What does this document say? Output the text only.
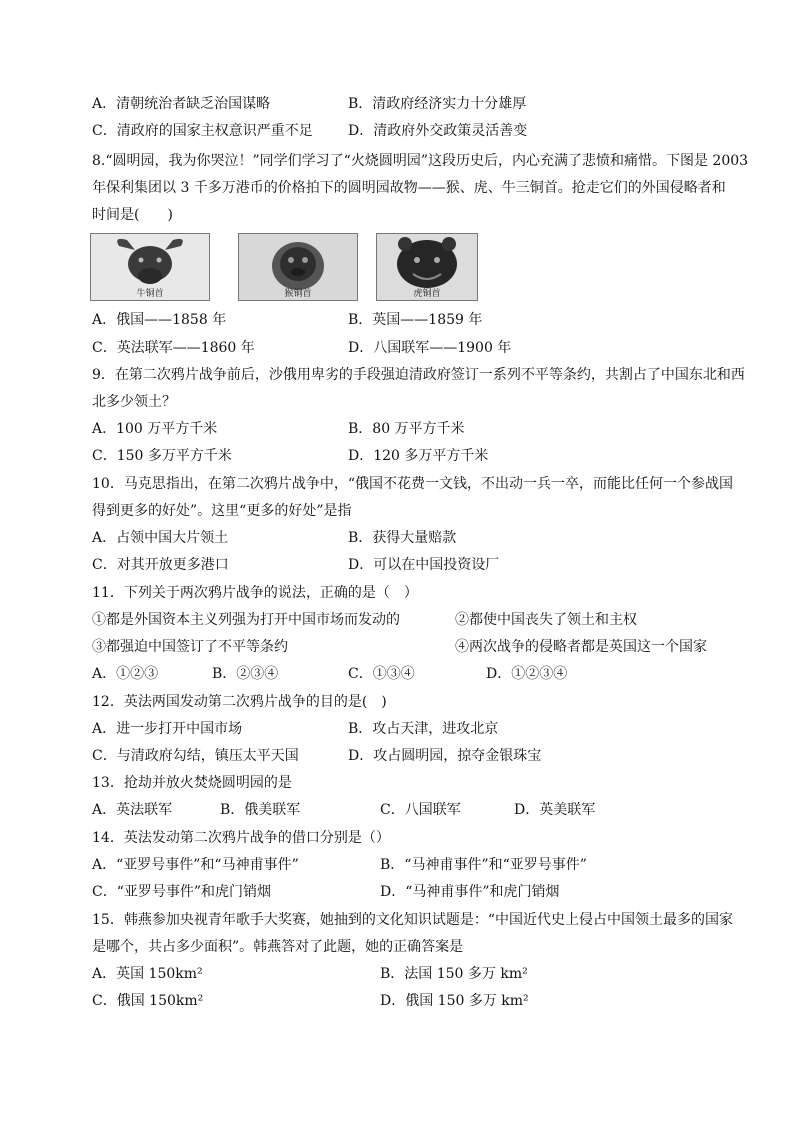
A．清朝统治者缺乏治国谋略	B．清政府经济实力十分雄厚
C．清政府的国家主权意识严重不足	D．清政府外交政策灵活善变
8.“圆明园，我为你哭泣！”同学们学习了“火烧圆明园”这段历史后，内心充满了悲愤和痛惜。下图是 2003
年保利集团以 3 千多万港币的价格拍下的圆明园故物——猴、虎、牛三铜首。抢走它们的外国侵略者和
时间是(　　)
牛铜首	猴铜首	虎铜首
A．俄国——1858 年	B．英国——1859 年
C．英法联军——1860 年	D．八国联军——1900 年
9．在第二次鸦片战争前后，沙俄用卑劣的手段强迫清政府签订一系列不平等条约，共割占了中国东北和西
北多少领土？
A．100 万平方千米	B．80 万平方千米
C．150 多万平方千米	D．120 多万平方千米
10．马克思指出，在第二次鸦片战争中，“俄国不花费一文钱，不出动一兵一卒，而能比任何一个参战国
得到更多的好处”。这里“更多的好处”是指
A．占领中国大片领土	B．获得大量赔款
C．对其开放更多港口	D．可以在中国投资设厂
11．下列关于两次鸦片战争的说法，正确的是（　）
①都是外国资本主义列强为打开中国市场而发动的	②都使中国丧失了领土和主权
③都强迫中国签订了不平等条约	④两次战争的侵略者都是英国这一个国家
A．①②③	B．②③④	C．①③④	D．①②③④
12．英法两国发动第二次鸦片战争的目的是(　)
A．进一步打开中国市场	B．攻占天津，进攻北京
C．与清政府勾结，镇压太平天国	D．攻占圆明园，掠夺金银珠宝
13．抢劫并放火焚烧圆明园的是
A．英法联军	B．俄美联军	C．八国联军	D．英美联军
14．英法发动第二次鸦片战争的借口分别是（）
A．“亚罗号事件”和“马神甫事件”	B．“马神甫事件”和“亚罗号事件”
C．“亚罗号事件”和虎门销烟	D．“马神甫事件”和虎门销烟
15．韩燕参加央视青年歌手大奖赛，她抽到的文化知识试题是：“中国近代史上侵占中国领土最多的国家
是哪个，共占多少面积”。韩燕答对了此题，她的正确答案是
A．英国 150km²	B．法国 150 多万 km²
C．俄国 150km²	D．俄国 150 多万 km²
